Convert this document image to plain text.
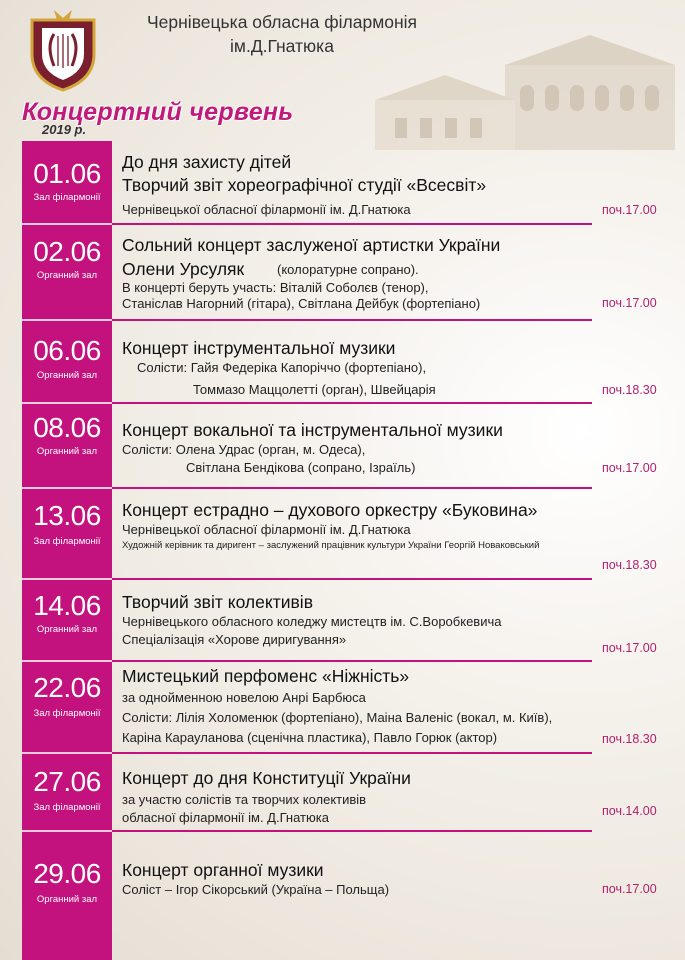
Чернівецька обласна філармонія
ім.Д.Гнатюка
Концертний червень
2019 р.
01.06
Зал філармонії
До дня захисту дітей
Творчий звіт хореографічної студії «Всесвіт»
Чернівецької обласної філармонії ім. Д.Гнатюка	поч.17.00
02.06
Органний зал
Сольний концерт заслуженої артистки України
Олени Урсуляк	(колоратурне сопрано).
В концерті беруть участь: Віталій Соболєв (тенор),
Станіслав Нагорний (гітара), Світлана Дейбук (фортепіано)	поч.17.00
06.06
Органний зал
Концерт інструментальної музики
Солісти: Гайя Федеріка Капоріччо (фортепіано),
Томмазо Маццолетті (орган), Швейцарія	поч.18.30
08.06
Органний зал
Концерт вокальної та інструментальної музики
Солісти: Олена Удрас (орган, м. Одеса),
Світлана Бендікова (сопрано, Ізраїль)	поч.17.00
13.06
Зал філармонії
Концерт естрадно – духового оркестру «Буковина»
Чернівецької обласної філармонії ім. Д.Гнатюка
Художній керівник та диригент – заслужений працівник культури України Георгій Новаковський
поч.18.30
14.06
Органний зал
Творчий звіт колективів
Чернівецького обласного коледжу мистецтв ім. С.Воробкевича
Спеціалізація «Хорове диригування»
поч.17.00
22.06
Зал філармонії
Мистецький перфоменс «Ніжність»
за однойменною новелою Анрі Барбюса
Солісти: Лілія Холоменюк (фортепіано), Маіна Валеніс (вокал, м. Київ),
Каріна Карауланова (сценічна пластика), Павло Горюк (актор)	поч.18.30
27.06
Зал філармонії
Концерт до дня Конституції України
за участю солістів та творчих колективів
обласної філармонії ім. Д.Гнатюка	поч.14.00
29.06
Органний зал
Концерт органної музики
Соліст – Ігор Сікорський (Україна – Польща)	поч.17.00
